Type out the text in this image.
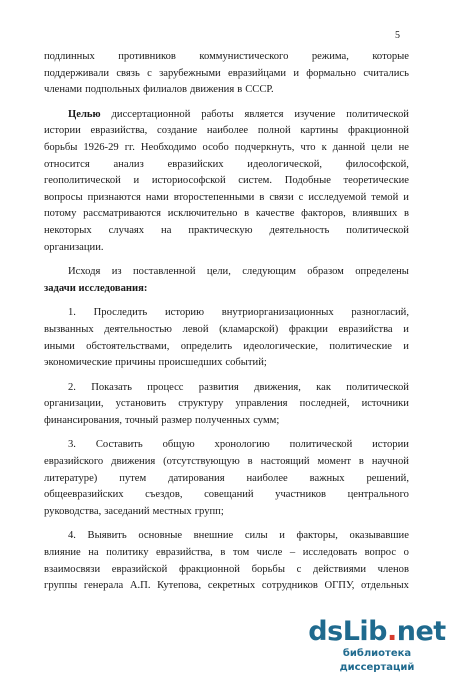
5
подлинных противников коммунистического режима, которые
поддерживали связь с зарубежными евразийцами и формально считались
членами подпольных филиалов движения в СССР.
Целью диссертационной работы является изучение политической
истории евразийства, создание наиболее полной картины фракционной
борьбы 1926-29 гг. Необходимо особо подчеркнуть, что к данной цели не
относится анализ евразийских идеологической, философской,
геополитической и историософской систем. Подобные теоретические
вопросы признаются нами второстепенными в связи с исследуемой темой и
потому рассматриваются исключительно в качестве факторов, влиявших в
некоторых случаях на практическую деятельность политической
организации.
Исходя из поставленной цели, следующим образом определены
задачи исследования:
1. Проследить историю внутриорганизационных разногласий,
вызванных деятельностью левой (кламарской) фракции евразийства и
иными обстоятельствами, определить идеологические, политические и
экономические причины происшедших событий;
2. Показать процесс развития движения, как политической
организации, установить структуру управления последней, источники
финансирования, точный размер полученных сумм;
3. Составить общую хронологию политической истории
евразийского движения (отсутствующую в настоящий момент в научной
литературе) путем датирования наиболее важных решений,
общеевразийских съездов, совещаний участников центрального
руководства, заседаний местных групп;
4. Выявить основные внешние силы и факторы, оказывавшие
влияние на политику евразийства, в том числе – исследовать вопрос о
взаимосвязи евразийской фракционной борьбы с действиями членов
группы генерала А.П. Кутепова, секретных сотрудников ОГПУ, отдельных
dsLib.net
библиотека диссертаций
